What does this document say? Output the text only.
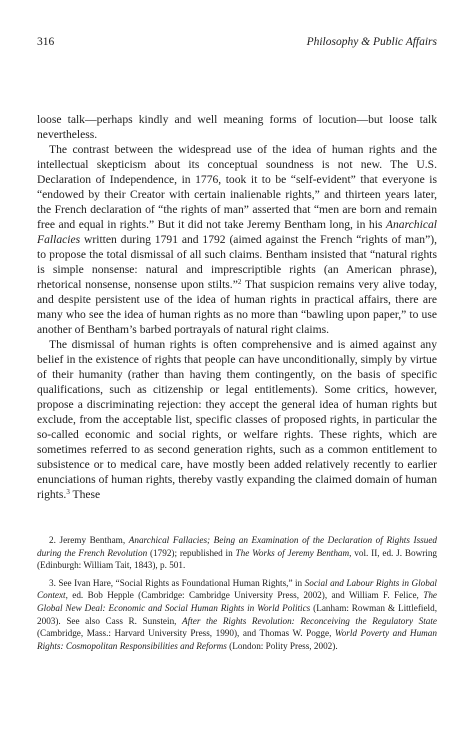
316	Philosophy & Public Affairs

loose talk—perhaps kindly and well meaning forms of locution—but loose talk nevertheless.

The contrast between the widespread use of the idea of human rights and the intellectual skepticism about its conceptual soundness is not new. The U.S. Declaration of Independence, in 1776, took it to be “self-evident” that everyone is “endowed by their Creator with certain inalienable rights,” and thirteen years later, the French declaration of “the rights of man” asserted that “men are born and remain free and equal in rights.” But it did not take Jeremy Bentham long, in his Anarchical Fallacies written during 1791 and 1792 (aimed against the French “rights of man”), to propose the total dismissal of all such claims. Bentham insisted that “natural rights is simple nonsense: natural and imprescriptible rights (an American phrase), rhetorical nonsense, nonsense upon stilts.”$^2$ That suspicion remains very alive today, and despite persistent use of the idea of human rights in practical affairs, there are many who see the idea of human rights as no more than “bawling upon paper,” to use another of Bentham’s barbed portrayals of natural right claims.

The dismissal of human rights is often comprehensive and is aimed against any belief in the existence of rights that people can have unconditionally, simply by virtue of their humanity (rather than having them contingently, on the basis of specific qualifications, such as citizenship or legal entitlements). Some critics, however, propose a discriminating rejection: they accept the general idea of human rights but exclude, from the acceptable list, specific classes of proposed rights, in particular the so-called economic and social rights, or welfare rights. These rights, which are sometimes referred to as second generation rights, such as a common entitlement to subsistence or to medical care, have mostly been added relatively recently to earlier enunciations of human rights, thereby vastly expanding the claimed domain of human rights.$^3$ These

2. Jeremy Bentham, Anarchical Fallacies; Being an Examination of the Declaration of Rights Issued during the French Revolution (1792); republished in The Works of Jeremy Bentham, vol. II, ed. J. Bowring (Edinburgh: William Tait, 1843), p. 501.

3. See Ivan Hare, “Social Rights as Foundational Human Rights,” in Social and Labour Rights in Global Context, ed. Bob Hepple (Cambridge: Cambridge University Press, 2002), and William F. Felice, The Global New Deal: Economic and Social Human Rights in World Politics (Lanham: Rowman & Littlefield, 2003). See also Cass R. Sunstein, After the Rights Revolution: Reconceiving the Regulatory State (Cambridge, Mass.: Harvard University Press, 1990), and Thomas W. Pogge, World Poverty and Human Rights: Cosmopolitan Responsibilities and Reforms (London: Polity Press, 2002).
